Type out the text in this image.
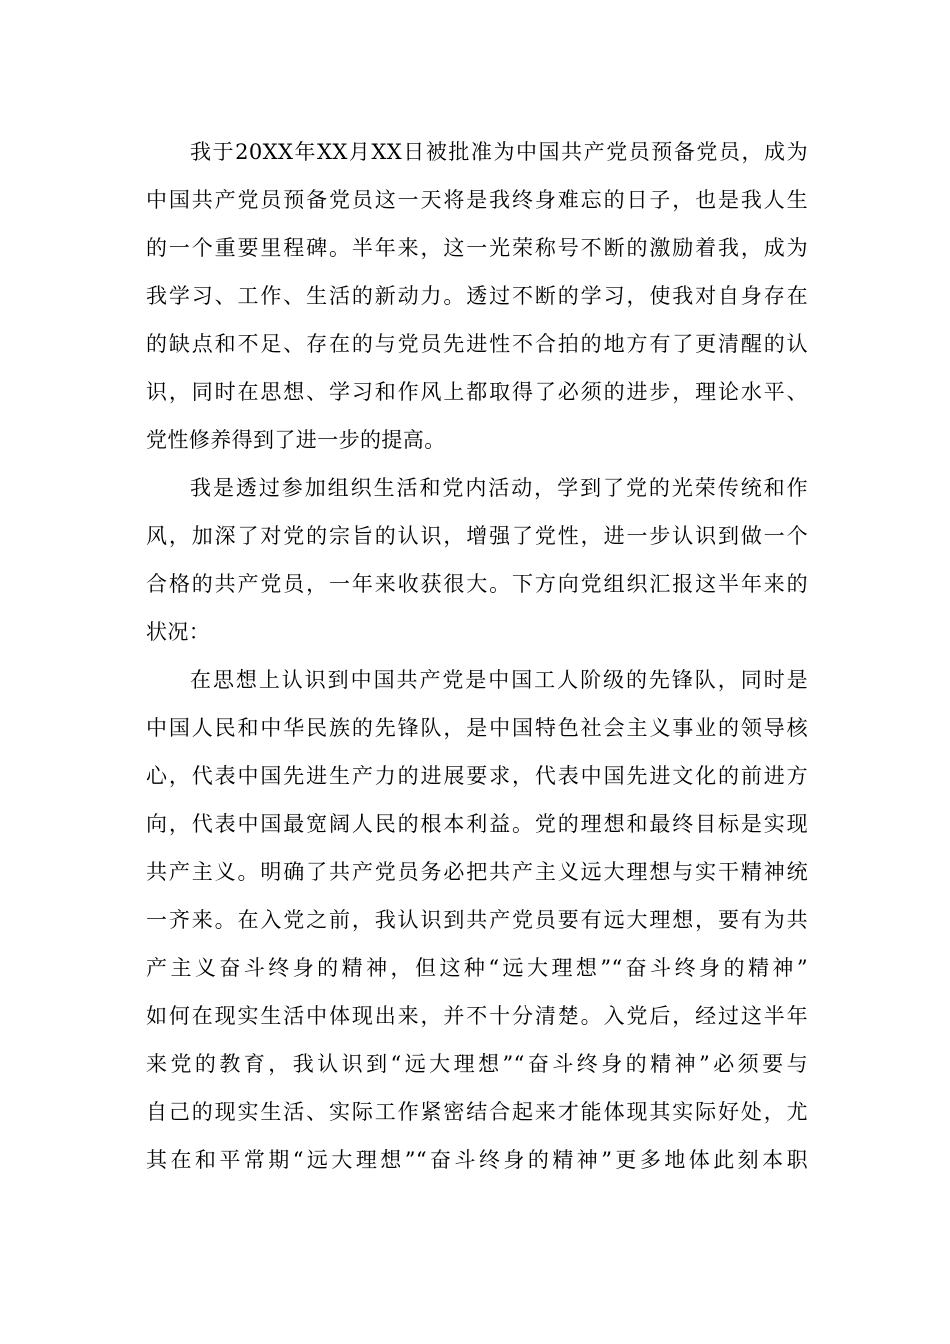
我于20XX年XX月XX日被批准为中国共产党员预备党员，成为
中国共产党员预备党员这一天将是我终身难忘的日子，也是我人生
的一个重要里程碑。半年来，这一光荣称号不断的激励着我，成为
我学习、工作、生活的新动力。透过不断的学习，使我对自身存在
的缺点和不足、存在的与党员先进性不合拍的地方有了更清醒的认
识，同时在思想、学习和作风上都取得了必须的进步，理论水平、
党性修养得到了进一步的提高。
我是透过参加组织生活和党内活动，学到了党的光荣传统和作
风，加深了对党的宗旨的认识，增强了党性，进一步认识到做一个
合格的共产党员，一年来收获很大。下方向党组织汇报这半年来的
状况：
在思想上认识到中国共产党是中国工人阶级的先锋队，同时是
中国人民和中华民族的先锋队，是中国特色社会主义事业的领导核
心，代表中国先进生产力的进展要求，代表中国先进文化的前进方
向，代表中国最宽阔人民的根本利益。党的理想和最终目标是实现
共产主义。明确了共产党员务必把共产主义远大理想与实干精神统
一齐来。在入党之前，我认识到共产党员要有远大理想，要有为共
产主义奋斗终身的精神，但这种“远大理想”“奋斗终身的精神”
如何在现实生活中体现出来，并不十分清楚。入党后，经过这半年
来党的教育，我认识到“远大理想”“奋斗终身的精神”必须要与
自己的现实生活、实际工作紧密结合起来才能体现其实际好处，尤
其在和平常期“远大理想”“奋斗终身的精神”更多地体此刻本职
